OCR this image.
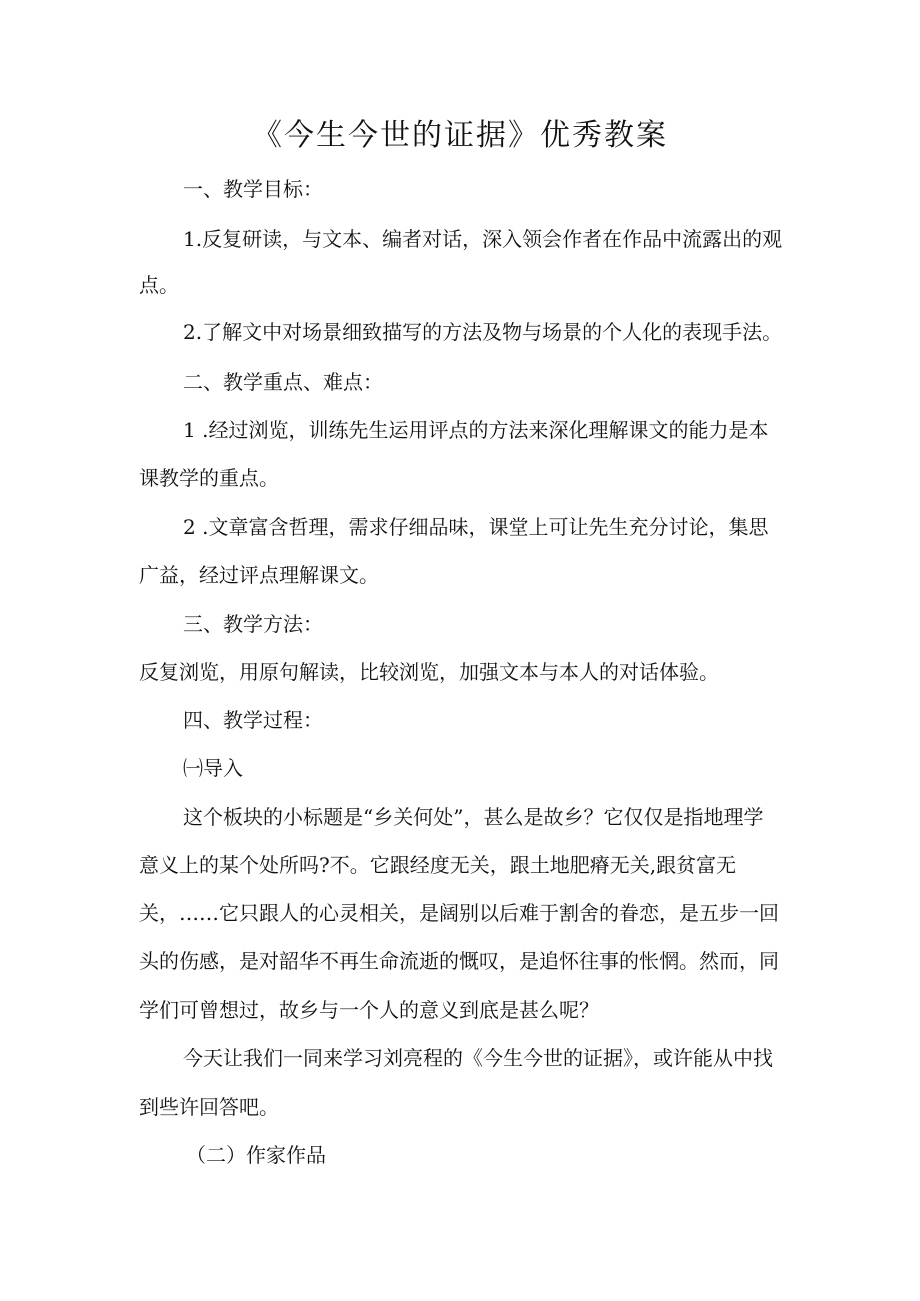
《今生今世的证据》优秀教案

一、教学目标：

1.反复研读，与文本、编者对话，深入领会作者在作品中流露出的观

点。

2.了解文中对场景细致描写的方法及物与场景的个人化的表现手法。

二、教学重点、难点：

1 .经过浏览，训练先生运用评点的方法来深化理解课文的能力是本

课教学的重点。

2 .文章富含哲理，需求仔细品味，课堂上可让先生充分讨论，集思

广益，经过评点理解课文。

三、教学方法：

反复浏览，用原句解读，比较浏览，加强文本与本人的对话体验。

四、教学过程：

㈠导入

这个板块的小标题是“乡关何处”，甚么是故乡？它仅仅是指地理学

意义上的某个处所吗?不。它跟经度无关，跟土地肥瘠无关,跟贫富无

关，……它只跟人的心灵相关，是阔别以后难于割舍的眷恋，是五步一回

头的伤感，是对韶华不再生命流逝的慨叹，是追怀往事的怅惘。然而，同

学们可曾想过，故乡与一个人的意义到底是甚么呢？

今天让我们一同来学习刘亮程的《今生今世的证据》，或许能从中找

到些许回答吧。

（二）作家作品
